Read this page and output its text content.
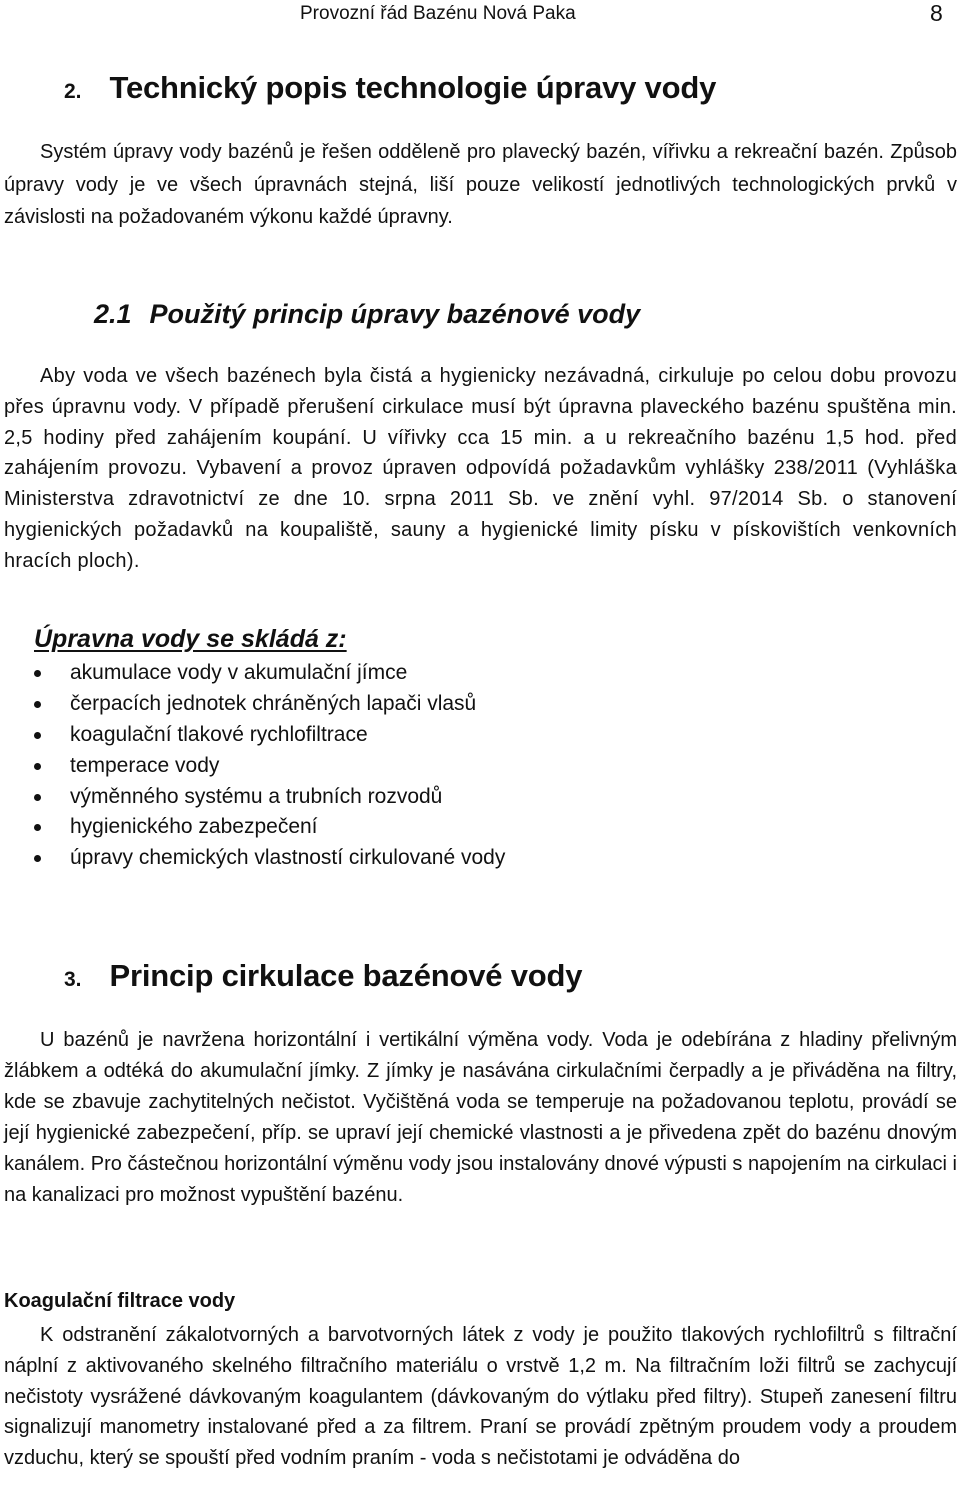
Provozní řád Bazénu Nová Paka	8
2. Technický popis technologie úpravy vody

Systém úpravy vody bazénů je řešen odděleně pro plavecký bazén, vířivku a rekreační bazén. Způsob úpravy vody je ve všech úpravnách stejná, liší pouze velikostí jednotlivých technologických prvků v závislosti na požadovaném výkonu každé úpravny.

2.1 Použitý princip úpravy bazénové vody

Aby voda ve všech bazénech byla čistá a hygienicky nezávadná, cirkuluje po celou dobu provozu přes úpravnu vody. V případě přerušení cirkulace musí být úpravna plaveckého bazénu spuštěna min. 2,5 hodiny před zahájením koupání. U vířivky cca 15 min. a u rekreačního bazénu 1,5 hod. před zahájením provozu. Vybavení a provoz úpraven odpovídá požadavkům vyhlášky 238/2011 (Vyhláška Ministerstva zdravotnictví ze dne 10. srpna 2011 Sb. ve znění vyhl. 97/2014 Sb. o stanovení hygienických požadavků na koupaliště, sauny a hygienické limity písku v pískovištích venkovních hracích ploch).

Úpravna vody se skládá z:
akumulace vody v akumulační jímce
čerpacích jednotek chráněných lapači vlasů
koagulační tlakové rychlofiltrace
temperace vody
výměnného systému a trubních rozvodů
hygienického zabezpečení
úpravy chemických vlastností cirkulované vody
3. Princip cirkulace bazénové vody

U bazénů je navržena horizontální i vertikální výměna vody. Voda je odebírána z hladiny přelivným žlábkem a odtéká do akumulační jímky. Z jímky je nasávána cirkulačními čerpadly a je přiváděna na filtry, kde se zbavuje zachytitelných nečistot. Vyčištěná voda se temperuje na požadovanou teplotu, provádí se její hygienické zabezpečení, příp. se upraví její chemické vlastnosti a je přivedena zpět do bazénu dnovým kanálem. Pro částečnou horizontální výměnu vody jsou instalovány dnové výpusti s napojením na cirkulaci i na kanalizaci pro možnost vypuštění bazénu.

Koagulační filtrace vody

K odstranění zákalotvorných a barvotvorných látek z vody je použito tlakových rychlofiltrů s filtrační náplní z aktivovaného skelného filtračního materiálu o vrstvě 1,2 m. Na filtračním loži filtrů se zachycují nečistoty vysrážené dávkovaným koagulantem (dávkovaným do výtlaku před filtry). Stupeň zanesení filtru signalizují manometry instalované před a za filtrem. Praní se provádí zpětným proudem vody a proudem vzduchu, který se spouští před vodním praním - voda s nečistotami je odváděna do
